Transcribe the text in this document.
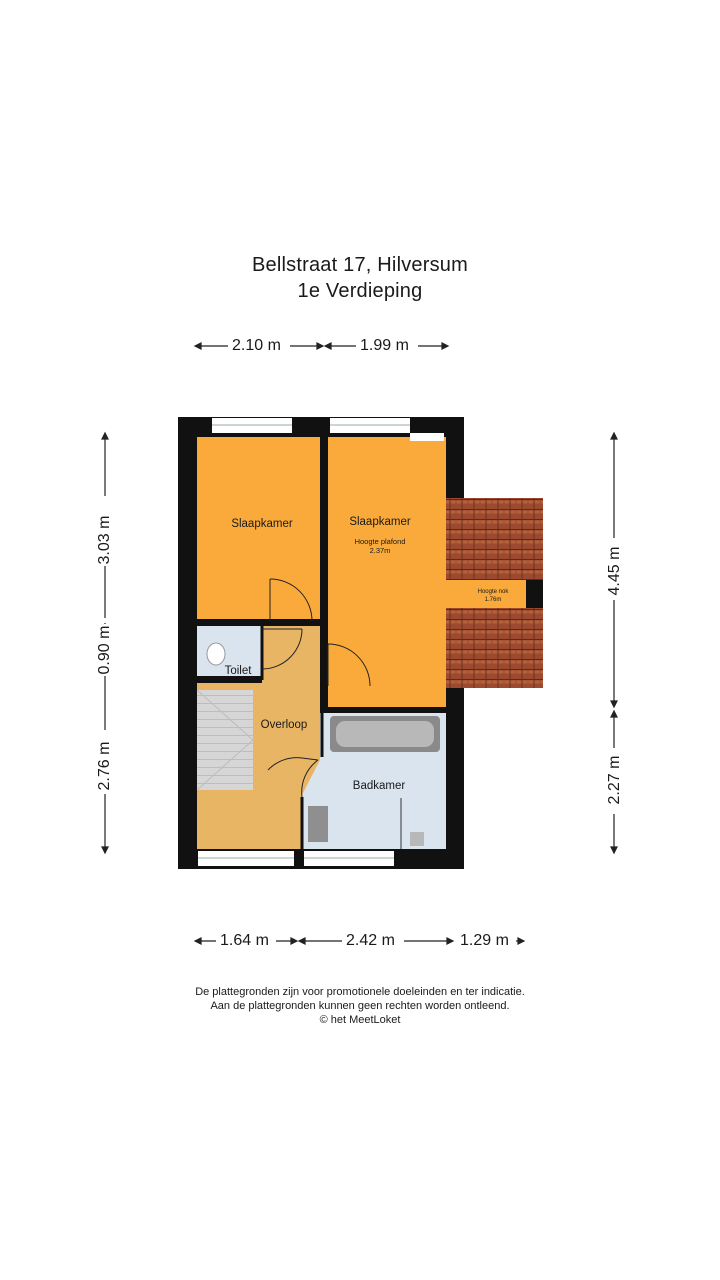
Bellstraat 17, Hilversum
1e Verdieping
2.10 m	1.99 m
1.64 m	2.42 m	1.29 m
3.03 m
0.90 m
2.76 m
4.45 m
2.27 m
Slaapkamer	Slaapkamer
Hoogte plafond
2.37m
Hoogte nok
1.76m
Toilet
Overloop
Badkamer
De plattegronden zijn voor promotionele doeleinden en ter indicatie.
Aan de plattegronden kunnen geen rechten worden ontleend.
© het MeetLoket
